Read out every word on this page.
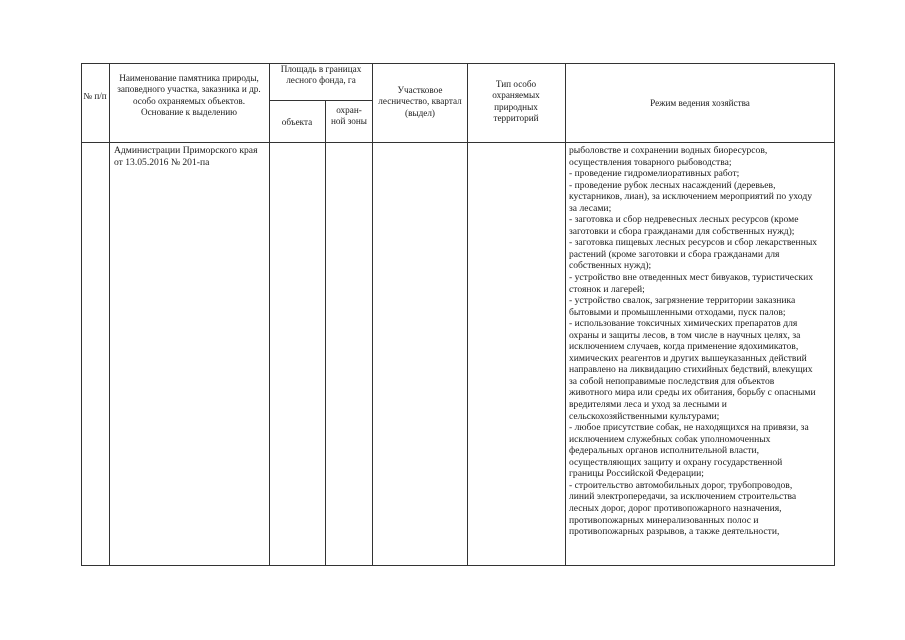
№ п/п
Наименование памятника природы, заповедного участка, заказника и др. особо охраняемых объектов. Основание к выделению
Площадь в границах лесного фонда, га
объекта
охран-ной зоны
Участковое лесничество, квартал (выдел)
Тип особо охраняемых природных территорий
Режим ведения хозяйства
Администрации Приморского края от 13.05.2016 № 201-па

рыболовстве и сохранении водных биоресурсов,

осуществления товарного рыбоводства;

- проведение гидромелиоративных работ;

- проведение рубок лесных насаждений (деревьев,

кустарников, лиан), за исключением мероприятий по уходу

за лесами;

- заготовка и сбор недревесных лесных ресурсов (кроме

заготовки и сбора гражданами для собственных нужд);

- заготовка пищевых лесных ресурсов и сбор лекарственных

растений (кроме заготовки и сбора гражданами для

собственных нужд);

- устройство вне отведенных мест бивуаков, туристических

стоянок и лагерей;

- устройство свалок, загрязнение территории заказника

бытовыми и промышленными отходами, пуск палов;

- использование токсичных химических препаратов для

охраны и защиты лесов, в том числе в научных целях, за

исключением случаев, когда применение ядохимикатов,

химических реагентов и других вышеуказанных действий

направлено на ликвидацию стихийных бедствий, влекущих

за собой непоправимые последствия для объектов

животного мира или среды их обитания, борьбу с опасными

вредителями леса и уход за лесными и

сельскохозяйственными культурами;

- любое присутствие собак, не находящихся на привязи, за

исключением служебных собак уполномоченных

федеральных органов исполнительной власти,

осуществляющих защиту и охрану государственной

границы Российской Федерации;

- строительство автомобильных дорог, трубопроводов,

линий электропередачи, за исключением строительства

лесных дорог, дорог противопожарного назначения,

противопожарных минерализованных полос и

противопожарных разрывов, а также деятельности,
